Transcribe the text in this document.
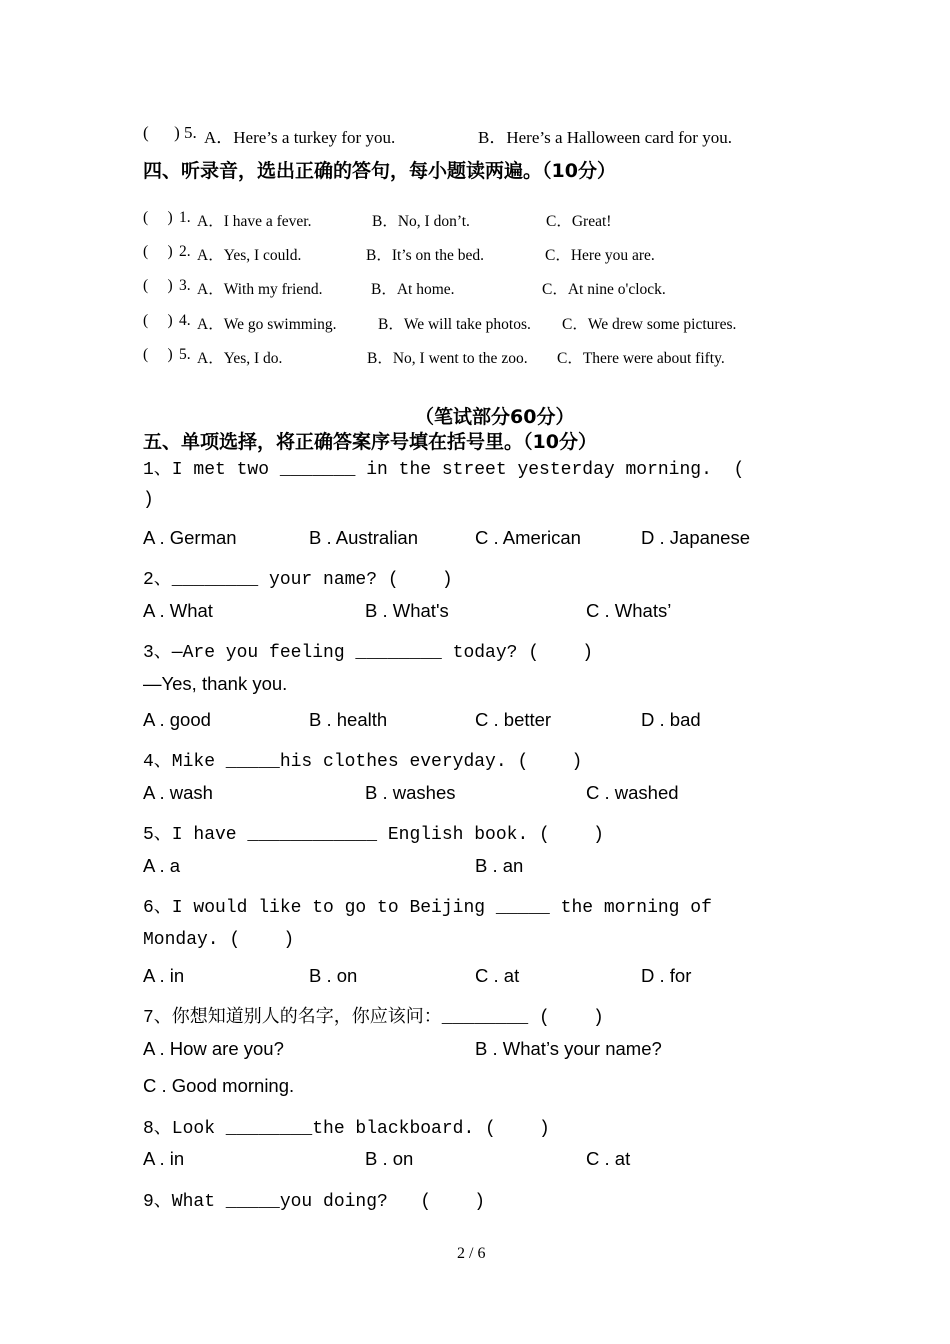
(      ) 5. A．Here’s a turkey for you.	B．Here’s a Halloween card for you.
四、听录音，选出正确的答句，每小题读两遍。（10分）
(     ) 1. A．I have a fever.	B．No, I don’t.	C．Great!
(     ) 2. A．Yes, I could.	B．It’s on the bed.	C．Here you are.
(     ) 3. A．With my friend.	B．At home.	C．At nine o'clock.
(     ) 4. A．We go swimming.	B．We will take photos. C．We drew some pictures.
(     ) 5. A．Yes, I do.	B．No, I went to the zoo. C．There were about fifty.
（笔试部分60分）
五、单项选择，将正确答案序号填在括号里。（10分）
1、I met two _______ in the street yesterday morning.  (
)
A . German	B . Australian	C . American	D . Japanese
2、________ your name? (    )
A . What	B . What's	C . Whats’
3、—Are you feeling ________ today? (    )
—Yes, thank you.
A . good	B . health	C . better	D . bad
4、Mike _____his clothes everyday. (    )
A . wash	B . washes	C . washed
5、I have ____________ English book. (    )
A . a	B . an
6、I would like to go to Beijing _____ the morning of
Monday. (    )
A . in	B . on	C . at	D . for
7、你想知道别人的名字，你应该问：________ (    )
A . How are you?	B . What’s your name?
C . Good morning.
8、Look ________the blackboard. (    )
A . in	B . on	C . at
9、What _____you doing?   (    )
2 / 6
